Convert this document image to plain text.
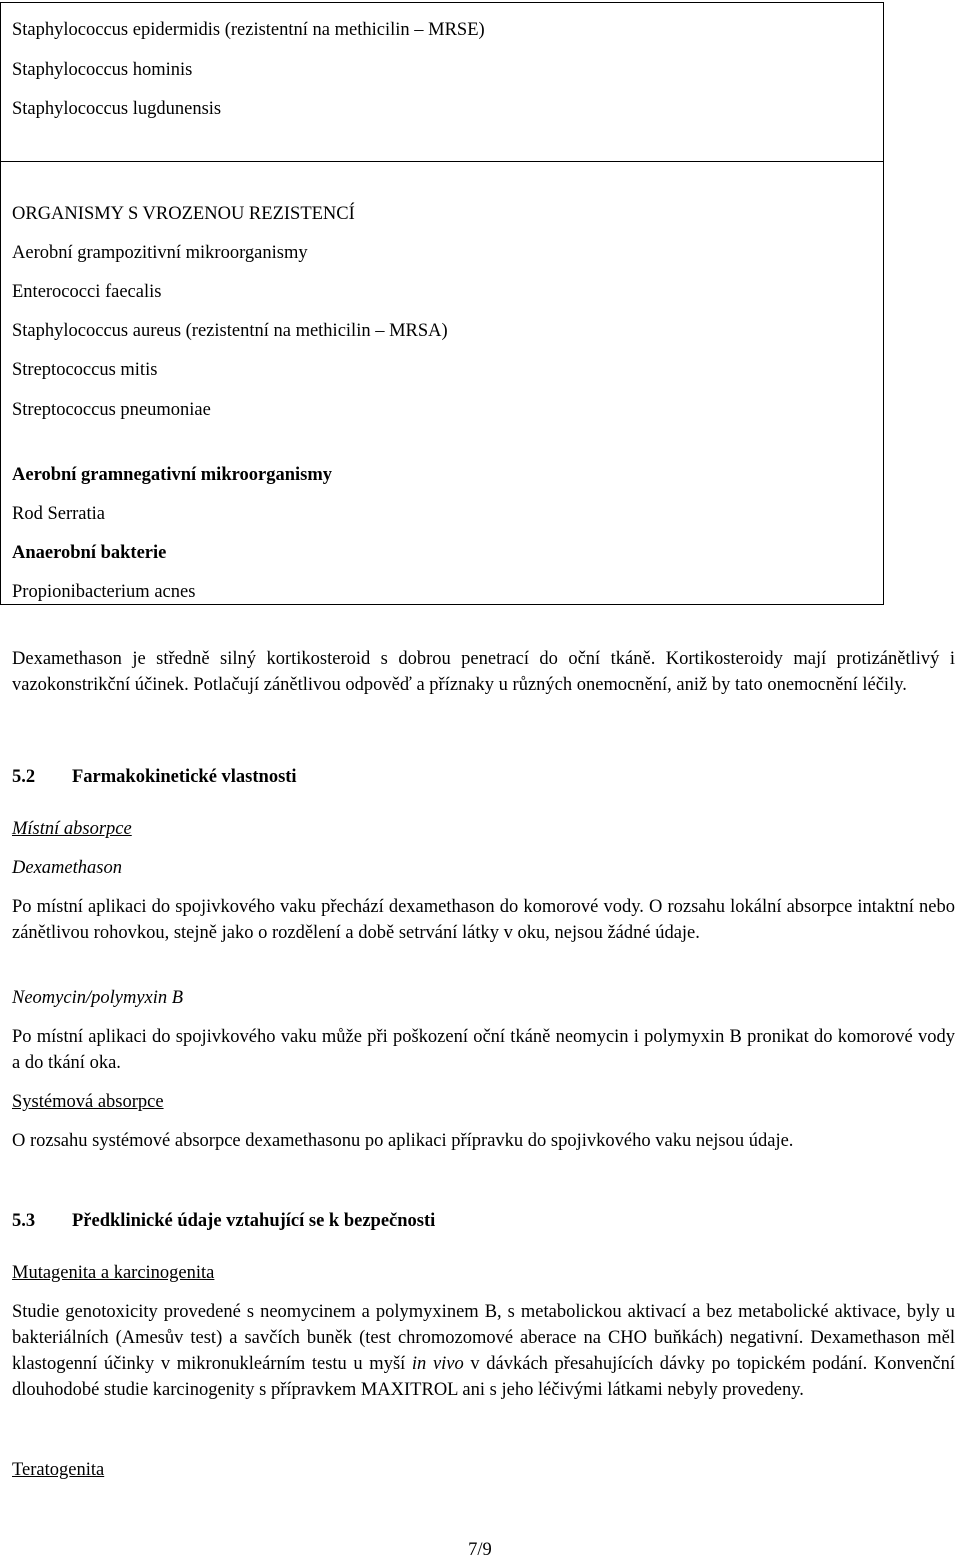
Staphylococcus epidermidis (rezistentní na methicilin ‒ MRSE)
Staphylococcus hominis
Staphylococcus lugdunensis
ORGANISMY S VROZENOU REZISTENCÍ
Aerobní grampozitivní mikroorganismy
Enterococci faecalis
Staphylococcus aureus (rezistentní na methicilin ‒ MRSA)
Streptococcus mitis
Streptococcus pneumoniae
Aerobní gramnegativní mikroorganismy
Rod Serratia
Anaerobní bakterie
Propionibacterium acnes
Dexamethason je středně silný kortikosteroid s dobrou penetrací do oční tkáně. Kortikosteroidy mají protizánětlivý i vazokonstrikční účinek. Potlačují zánětlivou odpověď a příznaky u různých onemocnění, aniž by tato onemocnění léčily.
5.2 Farmakokinetické vlastnosti
Místní absorpce
Dexamethason
Po místní aplikaci do spojivkového vaku přechází dexamethason do komorové vody. O rozsahu lokální absorpce intaktní nebo zánětlivou rohovkou, stejně jako o rozdělení a době setrvání látky v oku, nejsou žádné údaje.
Neomycin/polymyxin B
Po místní aplikaci do spojivkového vaku může při poškození oční tkáně neomycin i polymyxin B pronikat do komorové vody a do tkání oka.
Systémová absorpce
O rozsahu systémové absorpce dexamethasonu po aplikaci přípravku do spojivkového vaku nejsou údaje.
5.3 Předklinické údaje vztahující se k bezpečnosti
Mutagenita a karcinogenita
Studie genotoxicity provedené s neomycinem a polymyxinem B, s metabolickou aktivací a bez metabolické aktivace, byly u bakteriálních (Amesův test) a savčích buněk (test chromozomové aberace na CHO buňkách) negativní. Dexamethason měl klastogenní účinky v mikronukleárním testu u myší in vivo v dávkách přesahujících dávky po topickém podání. Konvenční dlouhodobé studie karcinogenity s přípravkem MAXITROL ani s jeho léčivými látkami nebyly provedeny.
Teratogenita
7/9
